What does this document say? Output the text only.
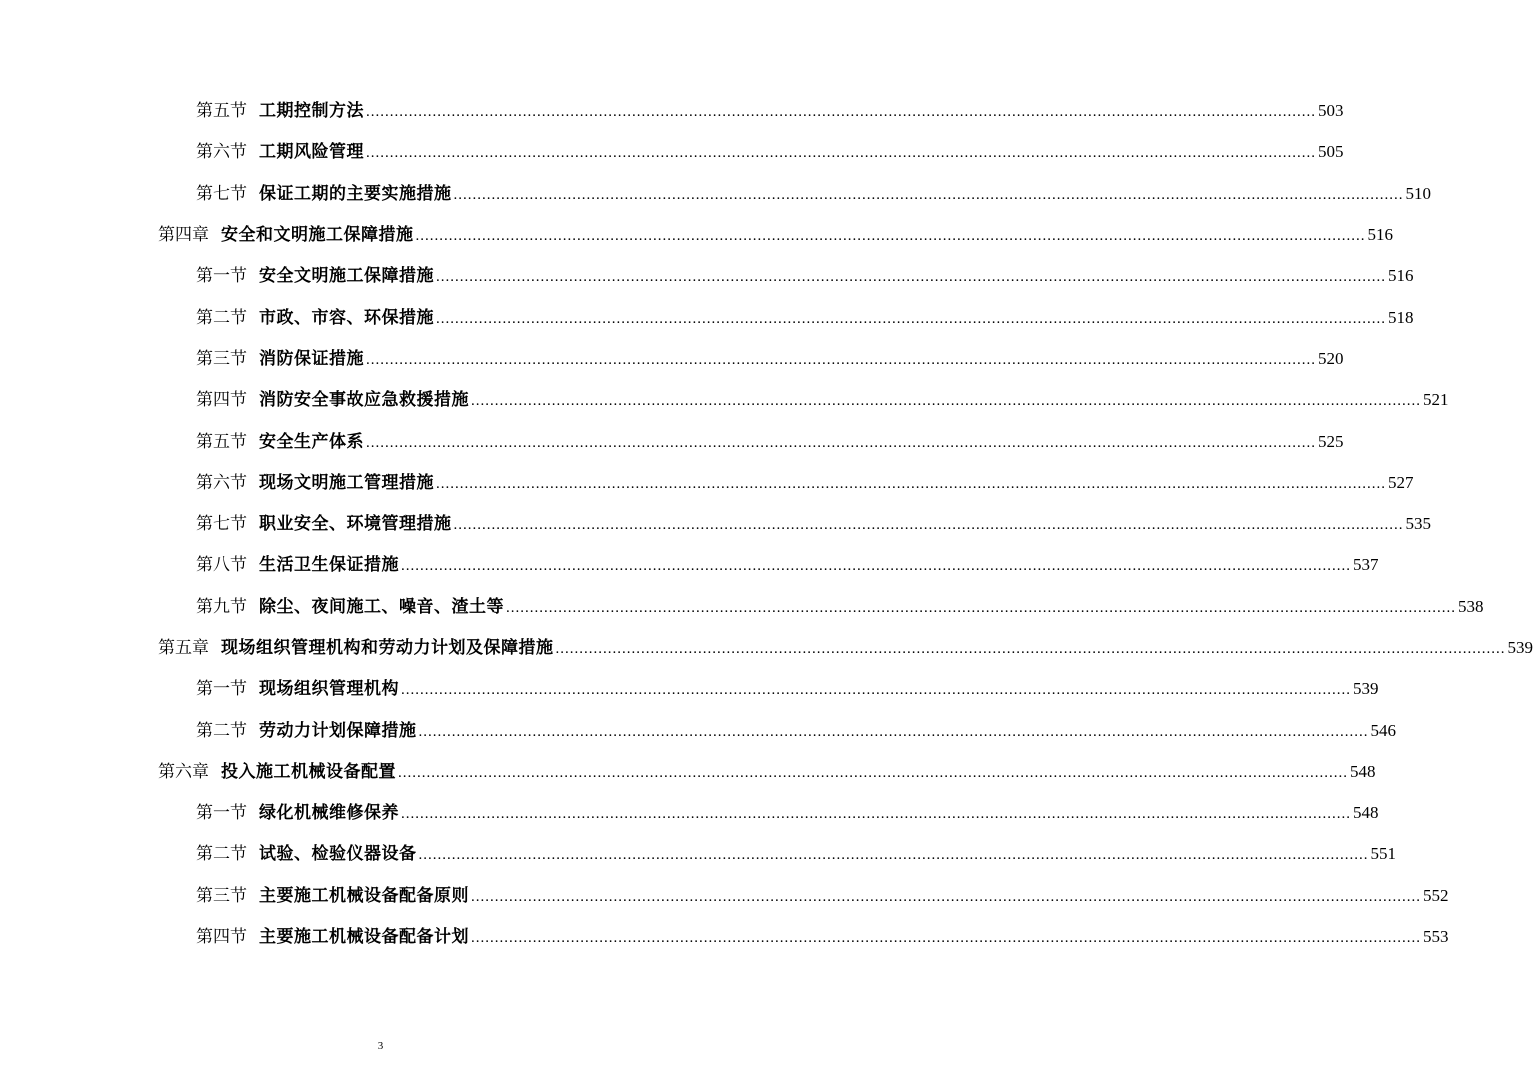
第五节 工期控制方法 ........................................................................................................................................................................................................ 503
第六节 工期风险管理 ........................................................................................................................................................................................................ 505
第七节 保证工期的主要实施措施 ........................................................................................................................................................................................................ 510
第四章 安全和文明施工保障措施 ........................................................................................................................................................................................................ 516
第一节 安全文明施工保障措施 ........................................................................................................................................................................................................ 516
第二节 市政、市容、环保措施 ........................................................................................................................................................................................................ 518
第三节 消防保证措施 ........................................................................................................................................................................................................ 520
第四节 消防安全事故应急救援措施 ........................................................................................................................................................................................................ 521
第五节 安全生产体系 ........................................................................................................................................................................................................ 525
第六节 现场文明施工管理措施 ........................................................................................................................................................................................................ 527
第七节 职业安全、环境管理措施 ........................................................................................................................................................................................................ 535
第八节 生活卫生保证措施 ........................................................................................................................................................................................................ 537
第九节 除尘、夜间施工、噪音、渣土等 ........................................................................................................................................................................................................ 538
第五章 现场组织管理机构和劳动力计划及保障措施 ........................................................................................................................................................................................................ 539
第一节 现场组织管理机构 ........................................................................................................................................................................................................ 539
第二节 劳动力计划保障措施 ........................................................................................................................................................................................................ 546
第六章 投入施工机械设备配置 ........................................................................................................................................................................................................ 548
第一节 绿化机械维修保养 ........................................................................................................................................................................................................ 548
第二节 试验、检验仪器设备 ........................................................................................................................................................................................................ 551
第三节 主要施工机械设备配备原则 ........................................................................................................................................................................................................ 552
第四节 主要施工机械设备配备计划 ........................................................................................................................................................................................................ 553
3
